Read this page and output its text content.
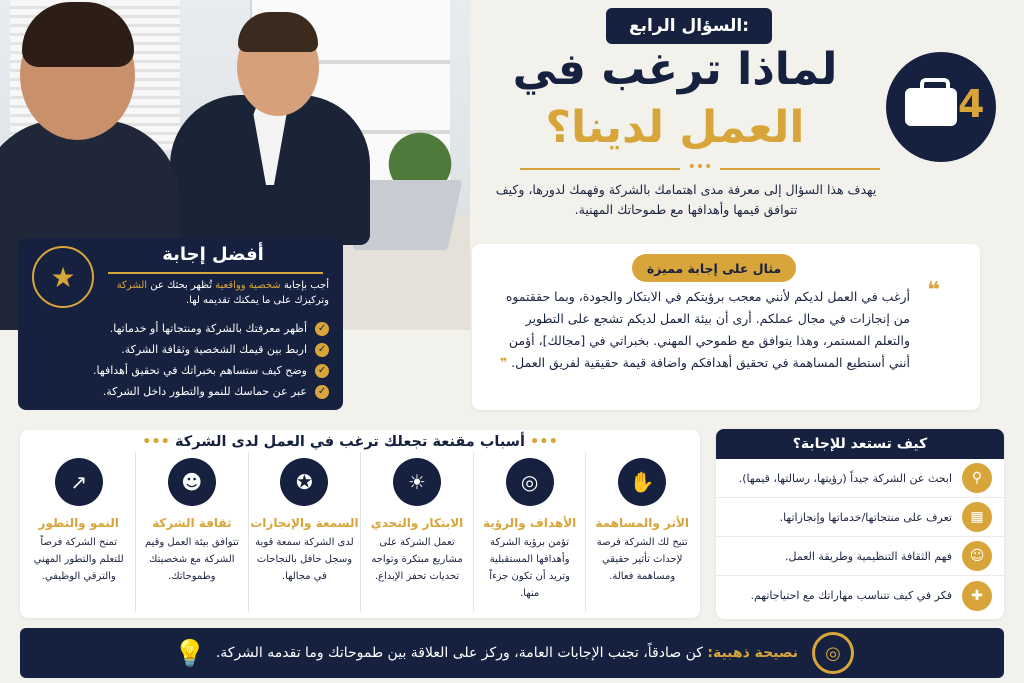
السؤال الرابع:
لماذا ترغب في
العمل لدينا؟
•••
4
يهدف هذا السؤال إلى معرفة مدى اهتمامك بالشركة وفهمك لدورها، وكيف تتوافق قيمها وأهدافها مع طموحاتك المهنية.
★
أفضل إجابة
أجب بإجابة شخصية وواقعية تُظهر بحثك عن الشركة وتركيزك على ما يمكنك تقديمه لها.
✓
أظهر معرفتك بالشركة ومنتجاتها أو خدماتها.
✓
اربط بين قيمك الشخصية وثقافة الشركة.
✓
وضح كيف ستساهم بخبراتك في تحقيق أهدافها.
✓
عبر عن حماسك للنمو والتطور داخل الشركة.
مثال على إجابة مميزة
❝
أرغب في العمل لديكم لأنني معجب برؤيتكم في الابتكار والجودة، وبما حققتموه من إنجازات في مجال عملكم. أرى أن بيئة العمل لديكم تشجع على التطوير والتعلم المستمر، وهذا يتوافق مع طموحي المهني. بخبراتي في [مجالك]، أؤمن أنني أستطيع المساهمة في تحقيق أهدافكم واضافة قيمة حقيقية لفريق العمل. ❞
••• أسباب مقنعة تجعلك ترغب في العمل لدى الشركة •••
✋
الأثر والمساهمة

تتيح لك الشركة فرصة لإحداث تأثير حقيقي ومساهمة فعالة.

◎
الأهداف والرؤية

تؤمن برؤية الشركة وأهدافها المستقبلية وتريد أن تكون جزءاً منها.

☀
الابتكار والتحدي

تعمل الشركة على مشاريع مبتكرة وتواجه تحديات تحفز الإبداع.

✪
السمعة والإنجازات

لدى الشركة سمعة قوية وسجل حافل بالنجاحات في مجالها.

☻
ثقافة الشركة

تتوافق بيئة العمل وقيم الشركة مع شخصيتك وطموحاتك.

↗
النمو والتطور

تمنح الشركة فرصاً للتعلم والتطور المهني والترقي الوظيفي.

كيف تستعد للإجابة؟
⚲
ابحث عن الشركة جيداً (رؤيتها، رسالتها، قيمها).
▦
تعرف على منتجاتها/خدماتها وإنجازاتها.
☺
فهم الثقافة التنظيمية وطريقة العمل.
✚
فكر في كيف تتناسب مهاراتك مع احتياجاتهم.
◎
نصيحة ذهبية: كن صادقاً، تجنب الإجابات العامة، وركز على العلاقة بين طموحاتك وما تقدمه الشركة.
💡
